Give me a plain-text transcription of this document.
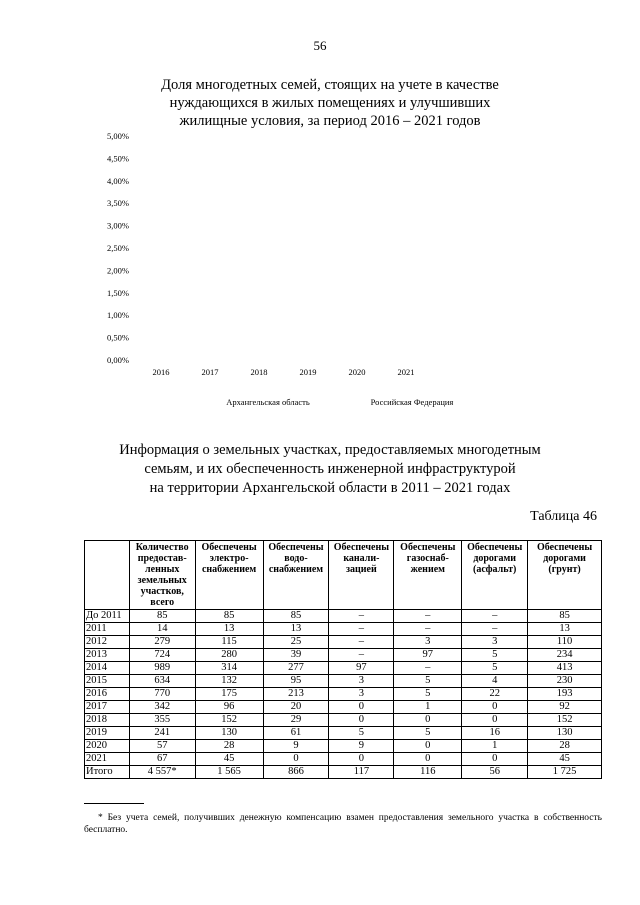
56
Доля многодетных семей, стоящих на учете в качестве
нуждающихся в жилых помещениях и улучшивших
жилищные условия, за период 2016 – 2021 годов
0,00%
0,50%
1,00%
1,50%
2,00%
2,50%
3,00%
3,50%
4,00%
4,50%
5,00%
2016	2017	2018	2019	2020	2021
Архангельская область	Российская Федерация
Информация о земельных участках, предоставляемых многодетным
семьям, и их обеспеченность инженерной инфраструктурой
на территории Архангельской области в 2011 – 2021 годах
Таблица 46
	Количество предостав-ленных земельных участков, всего	Обеспечены электро-снабжением	Обеспечены водо-снабжением	Обеспечены канали-зацией	Обеспечены газоснаб-жением	Обеспечены дорогами (асфальт)	Обеспечены дорогами (грунт)
До 2011	85	85	85	–	–	–	85
2011	14	13	13	–	–	–	13
2012	279	115	25	–	3	3	110
2013	724	280	39	–	97	5	234
2014	989	314	277	97	–	5	413
2015	634	132	95	3	5	4	230
2016	770	175	213	3	5	22	193
2017	342	96	20	0	1	0	92
2018	355	152	29	0	0	0	152
2019	241	130	61	5	5	16	130
2020	57	28	9	9	0	1	28
2021	67	45	0	0	0	0	45
Итого	4 557*	1 565	866	117	116	56	1 725
* Без учета семей, получивших денежную компенсацию взамен предоставления земельного участка в собственность бесплатно.
